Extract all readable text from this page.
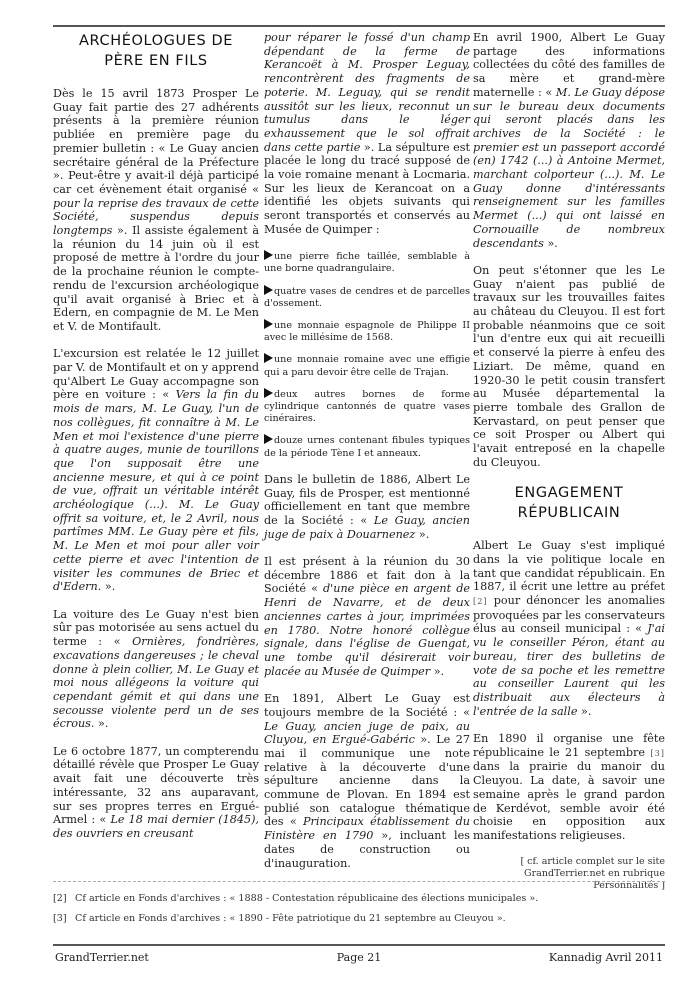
ARCHÉOLOGUES DE
PÈRE EN FILS

Dès le 15 avril 1873 Prosper Le Guay fait partie des 27 adhérents présents à la première réunion publiée en première page du premier bulletin : « Le Guay ancien secrétaire général de la Préfecture ». Peut-être y avait-il déjà participé car cet évènement était organisé « pour la reprise des travaux de cette Société, suspendus depuis longtemps ». Il assiste également à la réunion du 14 juin où il est proposé de mettre à l'ordre du jour de la prochaine réunion le compte-rendu de l'excursion archéologique qu'il avait organisé à Briec et à Edern, en compagnie de M. Le Men et V. de Montifault.

L'excursion est relatée le 12 juillet par V. de Montifault et on y apprend qu'Albert Le Guay accompagne son père en voiture : « Vers la fin du mois de mars, M. Le Guay, l'un de nos collègues, fit connaître à M. Le Men et moi l'existence d'une pierre à quatre auges, munie de tourillons que l'on supposait être une ancienne mesure, et qui à ce point de vue, offrait un véritable intérêt archéologique (...). M. Le Guay offrit sa voiture, et, le 2 Avril, nous partîmes MM. Le Guay père et fils, M. Le Men et moi pour aller voir cette pierre et avec l'intention de visiter les communes de Briec et d'Edern. ».

La voiture des Le Guay n'est bien sûr pas motorisée au sens actuel du terme : « Ornières, fondrières, excavations dangereuses ; le cheval donne à plein collier, M. Le Guay et moi nous allégeons la voiture qui cependant gémit et qui dans une secousse violente perd un de ses écrous. ».

Le 6 octobre 1877, un compterendu détaillé révèle que Prosper Le Guay avait fait une découverte très intéressante, 32 ans auparavant, sur ses propres terres en Ergué-Armel : « Le 18 mai dernier (1845), des ouvriers en creusant

pour réparer le fossé d'un champ dépendant de la ferme de Kerancoët à M. Prosper Leguay, rencontrèrent des fragments de poterie. M. Leguay, qui se rendit aussitôt sur les lieux, reconnut un tumulus dans le léger exhaussement que le sol offrait dans cette partie ». La sépulture est placée le long du tracé supposé de la voie romaine menant à Locmaria. Sur les lieux de Kerancoat on a identifié les objets suivants qui seront transportés et conservés au Musée de Quimper :

une pierre fiche taillée, semblable à une borne quadrangulaire.

quatre vases de cendres et de parcelles d'ossement.

une monnaie espagnole de Philippe II avec le millésime de 1568.

une monnaie romaine avec une effigie qui a paru devoir être celle de Trajan.

deux autres bornes de forme cylindrique cantonnés de quatre vases cinéraires.

douze urnes contenant fibules typiques de la période Tène I et anneaux.

Dans le bulletin de 1886, Albert Le Guay, fils de Prosper, est mentionné officiellement en tant que membre de la Société : « Le Guay, ancien juge de paix à Douarnenez ».

Il est présent à la réunion du 30 décembre 1886 et fait don à la Société « d'une pièce en argent de Henri de Navarre, et de deux anciennes cartes à jour, imprimées en 1780. Notre honoré collègue signale, dans l'église de Guengat, une tombe qu'il désirerait voir placée au Musée de Quimper ».

En 1891, Albert Le Guay est toujours membre de la Société : « Le Guay, ancien juge de paix, au Cluyou, en Ergué-Gabéric ». Le 27 mai il communique une note relative à la découverte d'une sépulture ancienne dans la commune de Plovan. En 1894 est publié son catalogue thématique des « Principaux établissement du Finistère en 1790 », incluant les dates de construction ou d'inauguration.

En avril 1900, Albert Le Guay partage des informations collectées du côté des familles de sa mère et grand-mère maternelle : « M. Le Guay dépose sur le bureau deux documents qui seront placés dans les archives de la Société : le premier est un passeport accordé (en) 1742 (...) à Antoine Mermet, marchant colporteur (...). M. Le Guay donne d'intéressants renseignement sur les familles Mermet (...) qui ont laissé en Cornouaille de nombreux descendants ».

On peut s'étonner que les Le Guay n'aient pas publié de travaux sur les trouvailles faites au château du Cleuyou. Il est fort probable néanmoins que ce soit l'un d'entre eux qui ait recueilli et conservé la pierre à enfeu des Liziart. De même, quand en 1920-30 le petit cousin transfert au Musée départemental la pierre tombale des Grallon de Kervastard, on peut penser que ce soit Prosper ou Albert qui l'avait entreposé en la chapelle du Cleuyou.

ENGAGEMENT
RÉPUBLICAIN

Albert Le Guay s'est impliqué dans la vie politique locale en tant que candidat républicain. En 1887, il écrit une lettre au préfet [2] pour dénoncer les anomalies provoquées par les conservateurs élus au conseil municipal : « J'ai vu le conseiller Péron, étant au bureau, tirer des bulletins de vote de sa poche et les remettre au conseiller Laurent qui les distribuait aux électeurs à l'entrée de la salle ».

En 1890 il organise une fête républicaine le 21 septembre [3] dans la prairie du manoir du Cleuyou. La date, à savoir une semaine après le grand pardon de Kerdévot, semble avoir été choisie en opposition aux manifestations religieuses.

[ cf. article complet sur le site GrandTerrier.net en rubrique Personnalités ]
[2] Cf article en Fonds d'archives : « 1888 - Contestation républicaine des élections municipales ».
[3] Cf article en Fonds d'archives : « 1890 - Fête patriotique du 21 septembre au Cleuyou ».
GrandTerrier.net	Page 21	Kannadig Avril 2011
